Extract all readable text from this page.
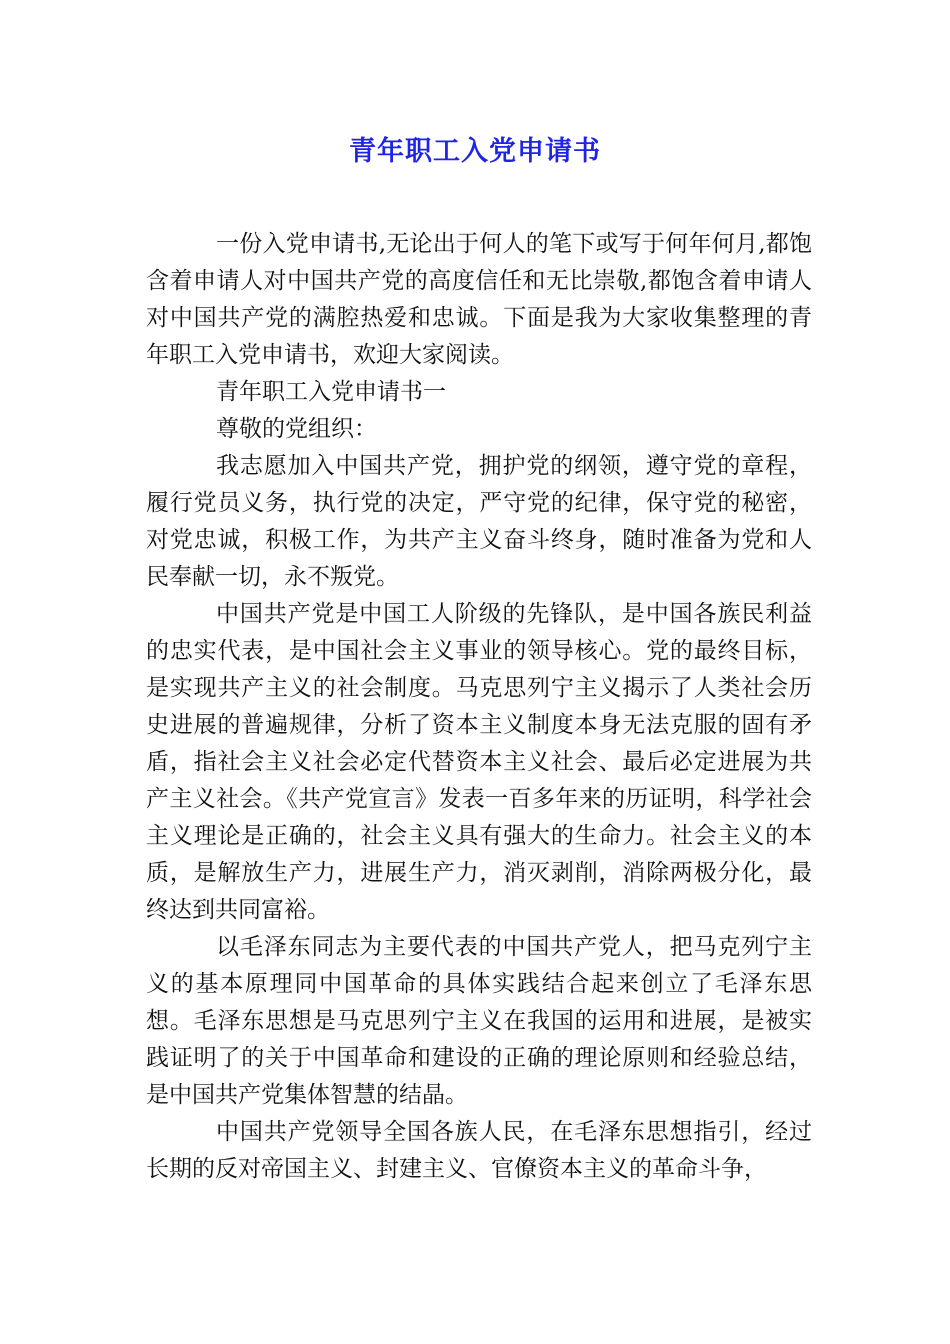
青年职工入党申请书

一份入党申请书,无论出于何人的笔下或写于何年何月,都饱含着申请人对中国共产党的高度信任和无比崇敬,都饱含着申请人对中国共产党的满腔热爱和忠诚。下面是我为大家收集整理的青年职工入党申请书，欢迎大家阅读。

青年职工入党申请书一

尊敬的党组织：

我志愿加入中国共产党，拥护党的纲领，遵守党的章程，履行党员义务，执行党的决定，严守党的纪律，保守党的秘密，对党忠诚，积极工作，为共产主义奋斗终身，随时准备为党和人民奉献一切，永不叛党。

中国共产党是中国工人阶级的先锋队，是中国各族民利益的忠实代表，是中国社会主义事业的领导核心。党的最终目标，是实现共产主义的社会制度。马克思列宁主义揭示了人类社会历史进展的普遍规律，分析了资本主义制度本身无法克服的固有矛盾，指社会主义社会必定代替资本主义社会、最后必定进展为共产主义社会。《共产党宣言》发表一百多年来的历证明，科学社会主义理论是正确的，社会主义具有强大的生命力。社会主义的本质，是解放生产力，进展生产力，消灭剥削，消除两极分化，最终达到共同富裕。

以毛泽东同志为主要代表的中国共产党人，把马克列宁主义的基本原理同中国革命的具体实践结合起来创立了毛泽东思想。毛泽东思想是马克思列宁主义在我国的运用和进展，是被实践证明了的关于中国革命和建设的正确的理论原则和经验总结，是中国共产党集体智慧的结晶。

中国共产党领导全国各族人民，在毛泽东思想指引，经过长期的反对帝国主义、封建主义、官僚资本主义的革命斗争，
